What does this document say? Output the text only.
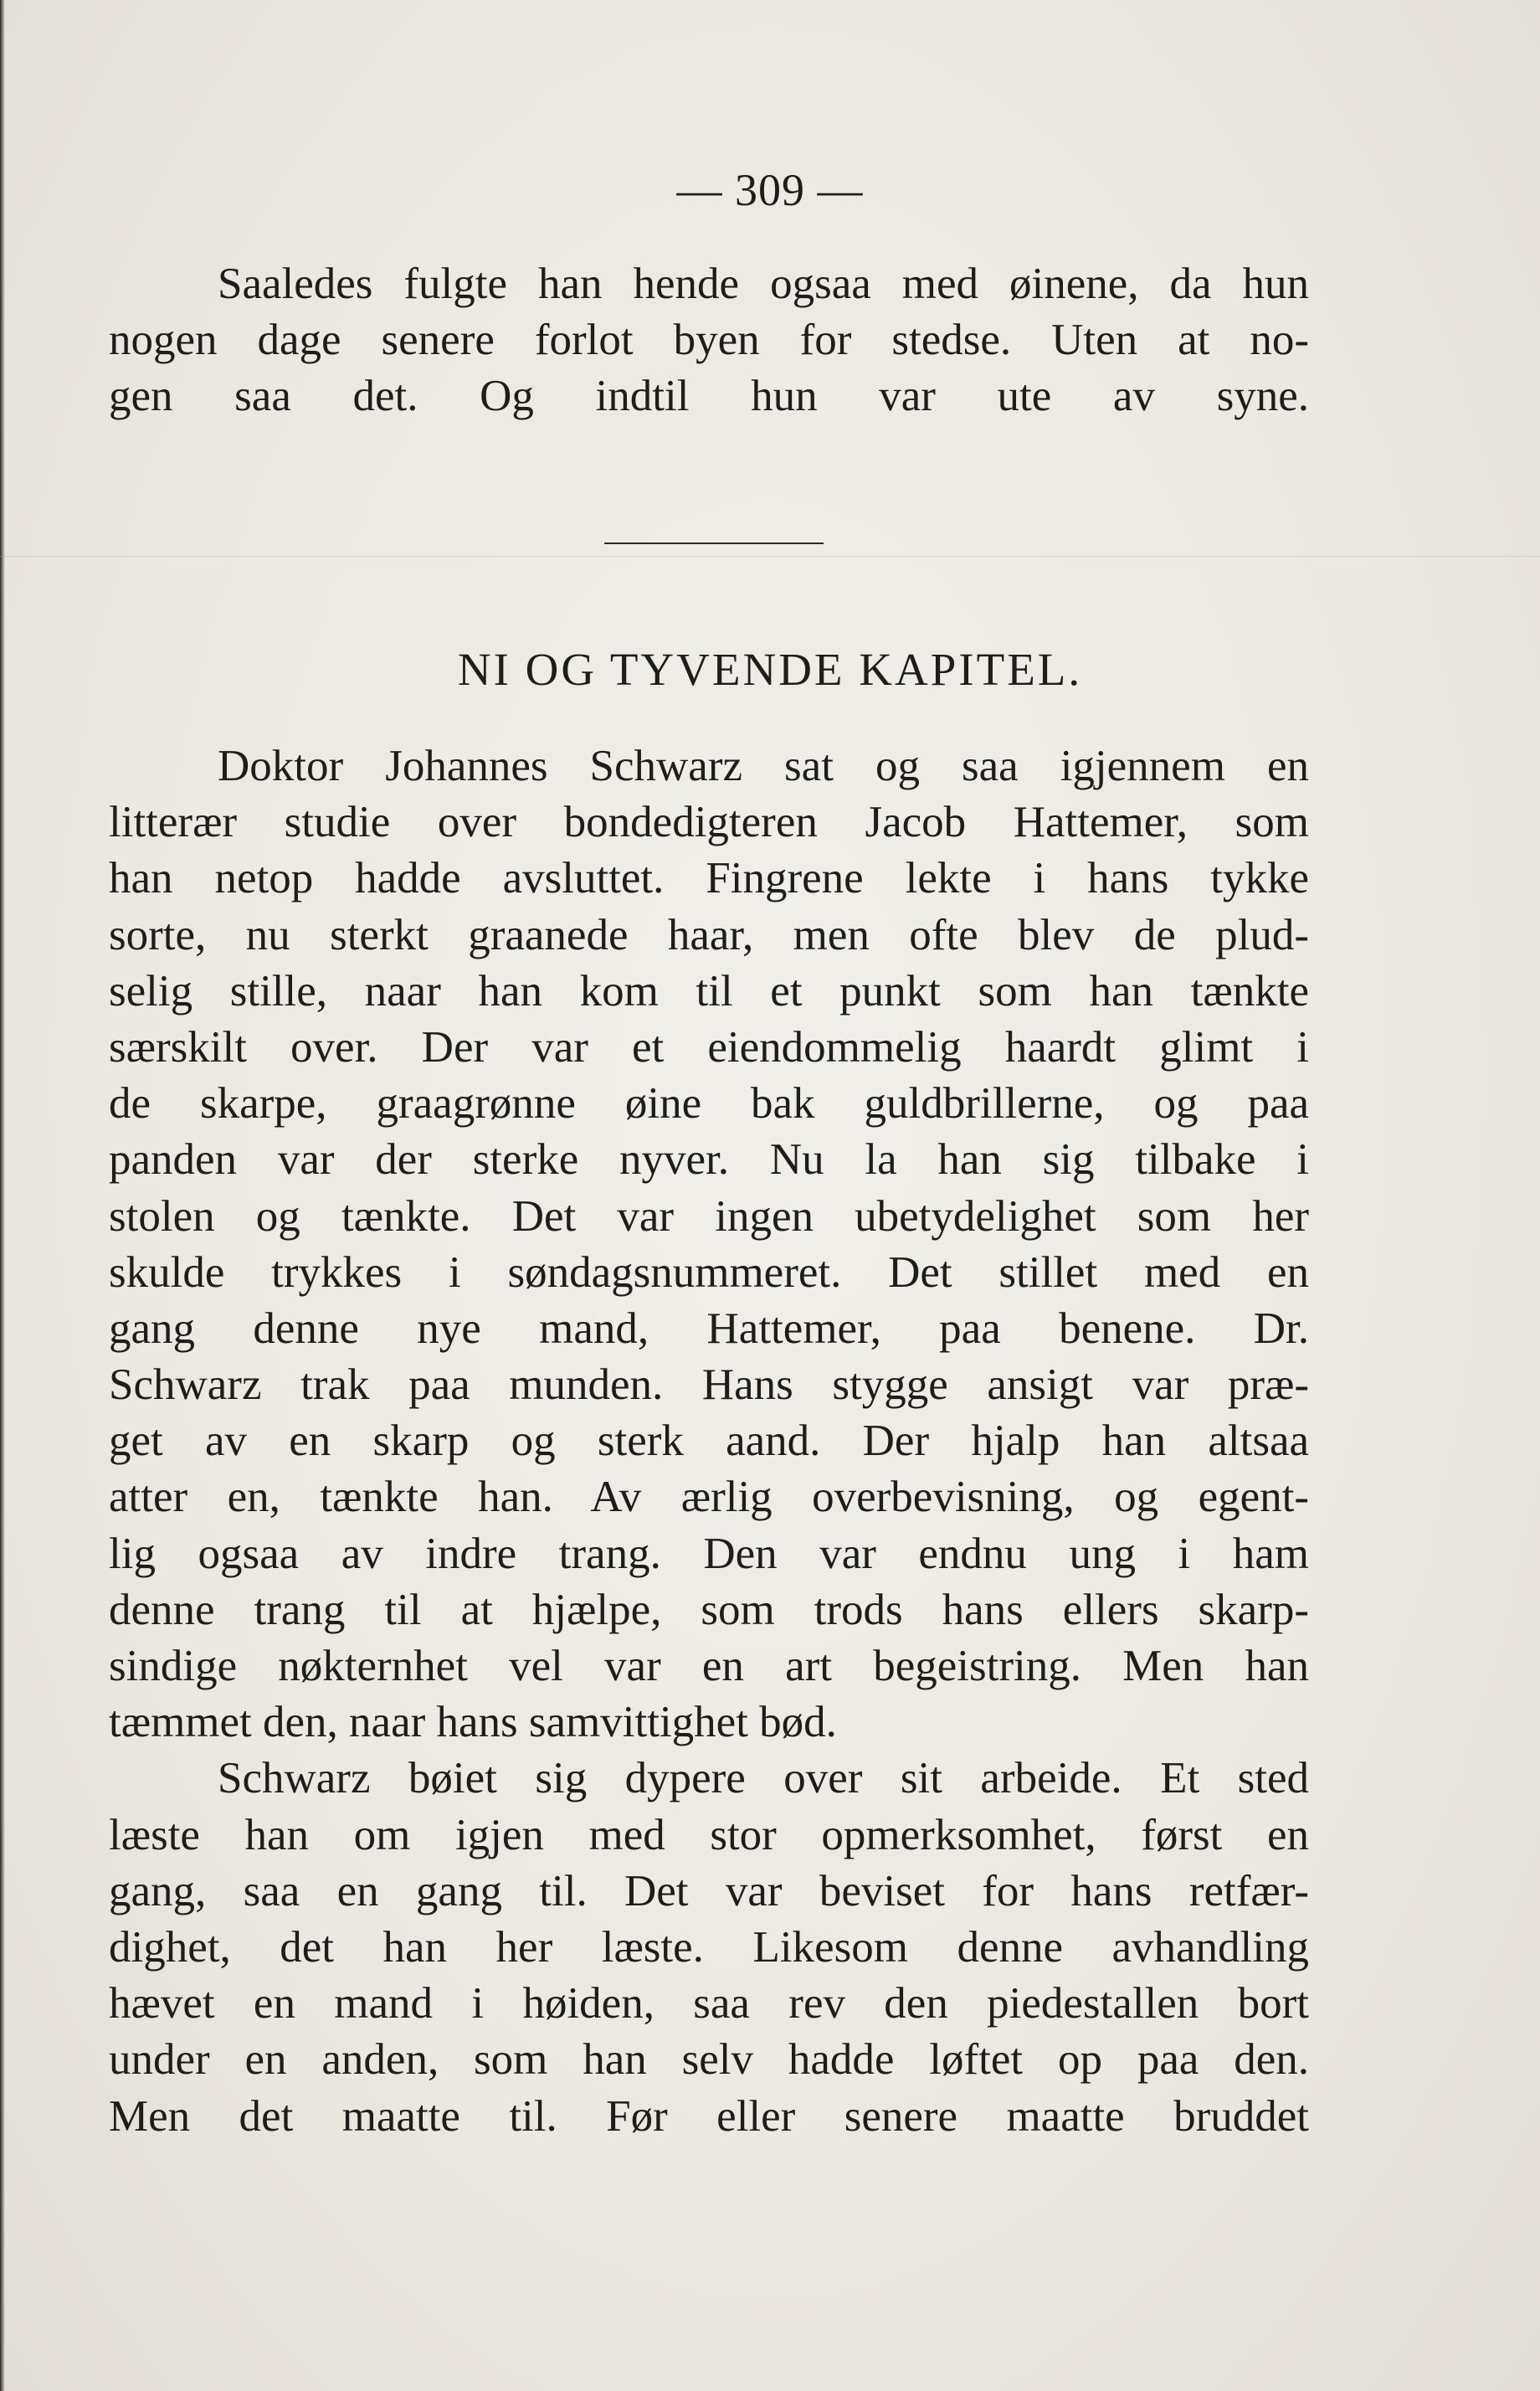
— 309 —
Saaledes fulgte han hende ogsaa med øinene, da hun
nogen dage senere forlot byen for stedse. Uten at no-
gen saa det. Og indtil hun var ute av syne.
NI OG TYVENDE KAPITEL.
Doktor Johannes Schwarz sat og saa igjennem en
litterær studie over bondedigteren Jacob Hattemer, som
han netop hadde avsluttet. Fingrene lekte i hans tykke
sorte, nu sterkt graanede haar, men ofte blev de plud-
selig stille, naar han kom til et punkt som han tænkte
særskilt over. Der var et eiendommelig haardt glimt i
de skarpe, graagrønne øine bak guldbrillerne, og paa
panden var der sterke nyver. Nu la han sig tilbake i
stolen og tænkte. Det var ingen ubetydelighet som her
skulde trykkes i søndagsnummeret. Det stillet med en
gang denne nye mand, Hattemer, paa benene. Dr.
Schwarz trak paa munden. Hans stygge ansigt var præ-
get av en skarp og sterk aand. Der hjalp han altsaa
atter en, tænkte han. Av ærlig overbevisning, og egent-
lig ogsaa av indre trang. Den var endnu ung i ham
denne trang til at hjælpe, som trods hans ellers skarp-
sindige nøkternhet vel var en art begeistring. Men han
tæmmet den, naar hans samvittighet bød.
Schwarz bøiet sig dypere over sit arbeide. Et sted
læste han om igjen med stor opmerksomhet, først en
gang, saa en gang til. Det var beviset for hans retfær-
dighet, det han her læste. Likesom denne avhandling
hævet en mand i høiden, saa rev den piedestallen bort
under en anden, som han selv hadde løftet op paa den.
Men det maatte til. Før eller senere maatte bruddet
